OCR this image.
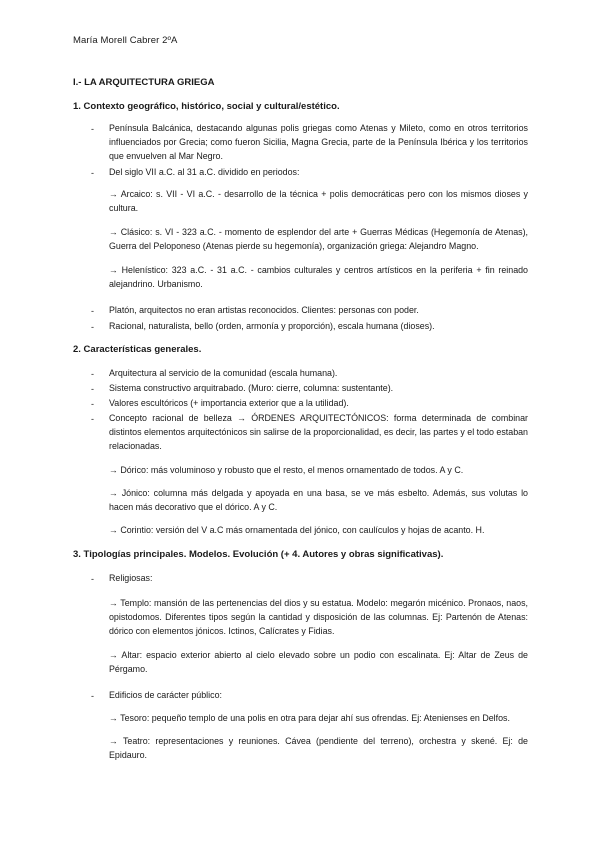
María Morell Cabrer 2ºA
I.- LA ARQUITECTURA GRIEGA
1. Contexto geográfico, histórico, social y cultural/estético.
- Península Balcánica, destacando algunas polis griegas como Atenas y Mileto, como en otros territorios influenciados por Grecia; como fueron Sicilia, Magna Grecia, parte de la Península Ibérica y los territorios que envuelven al Mar Negro.
- Del siglo VII a.C. al 31 a.C. dividido en periodos:
→ Arcaico: s. VII - VI a.C. - desarrollo de la técnica + polis democráticas pero con los mismos dioses y cultura.
→ Clásico: s. VI - 323 a.C. - momento de esplendor del arte + Guerras Médicas (Hegemonía de Atenas), Guerra del Peloponeso (Atenas pierde su hegemonía), organización griega: Alejandro Magno.
→ Helenístico: 323 a.C. - 31 a.C. - cambios culturales y centros artísticos en la periferia + fin reinado alejandrino. Urbanismo.
- Platón, arquitectos no eran artistas reconocidos. Clientes: personas con poder.
- Racional, naturalista, bello (orden, armonía y proporción), escala humana (dioses).
2. Características generales.
- Arquitectura al servicio de la comunidad (escala humana).
- Sistema constructivo arquitrabado. (Muro: cierre, columna: sustentante).
- Valores escultóricos (+ importancia exterior que a la utilidad).
- Concepto racional de belleza → ÓRDENES ARQUITECTÓNICOS: forma determinada de combinar distintos elementos arquitectónicos sin salirse de la proporcionalidad, es decir, las partes y el todo estaban relacionadas.
→ Dórico: más voluminoso y robusto que el resto, el menos ornamentado de todos. A y C.
→ Jónico: columna más delgada y apoyada en una basa, se ve más esbelto. Además, sus volutas lo hacen más decorativo que el dórico. A y C.
→ Corintio: versión del V a.C más ornamentada del jónico, con caulículos y hojas de acanto. H.
3. Tipologías principales. Modelos. Evolución (+ 4. Autores y obras significativas).
- Religiosas:
→ Templo: mansión de las pertenencias del dios y su estatua. Modelo: megarón micénico. Pronaos, naos, opistodomos. Diferentes tipos según la cantidad y disposición de las columnas. Ej: Partenón de Atenas: dórico con elementos jónicos. Ictinos, Calícrates y Fidias.
→ Altar: espacio exterior abierto al cielo elevado sobre un podio con escalinata. Ej: Altar de Zeus de Pérgamo.
- Edificios de carácter público:
→ Tesoro: pequeño templo de una polis en otra para dejar ahí sus ofrendas. Ej: Atenienses en Delfos.
→ Teatro: representaciones y reuniones. Cávea (pendiente del terreno), orchestra y skené. Ej: de Epidauro.
